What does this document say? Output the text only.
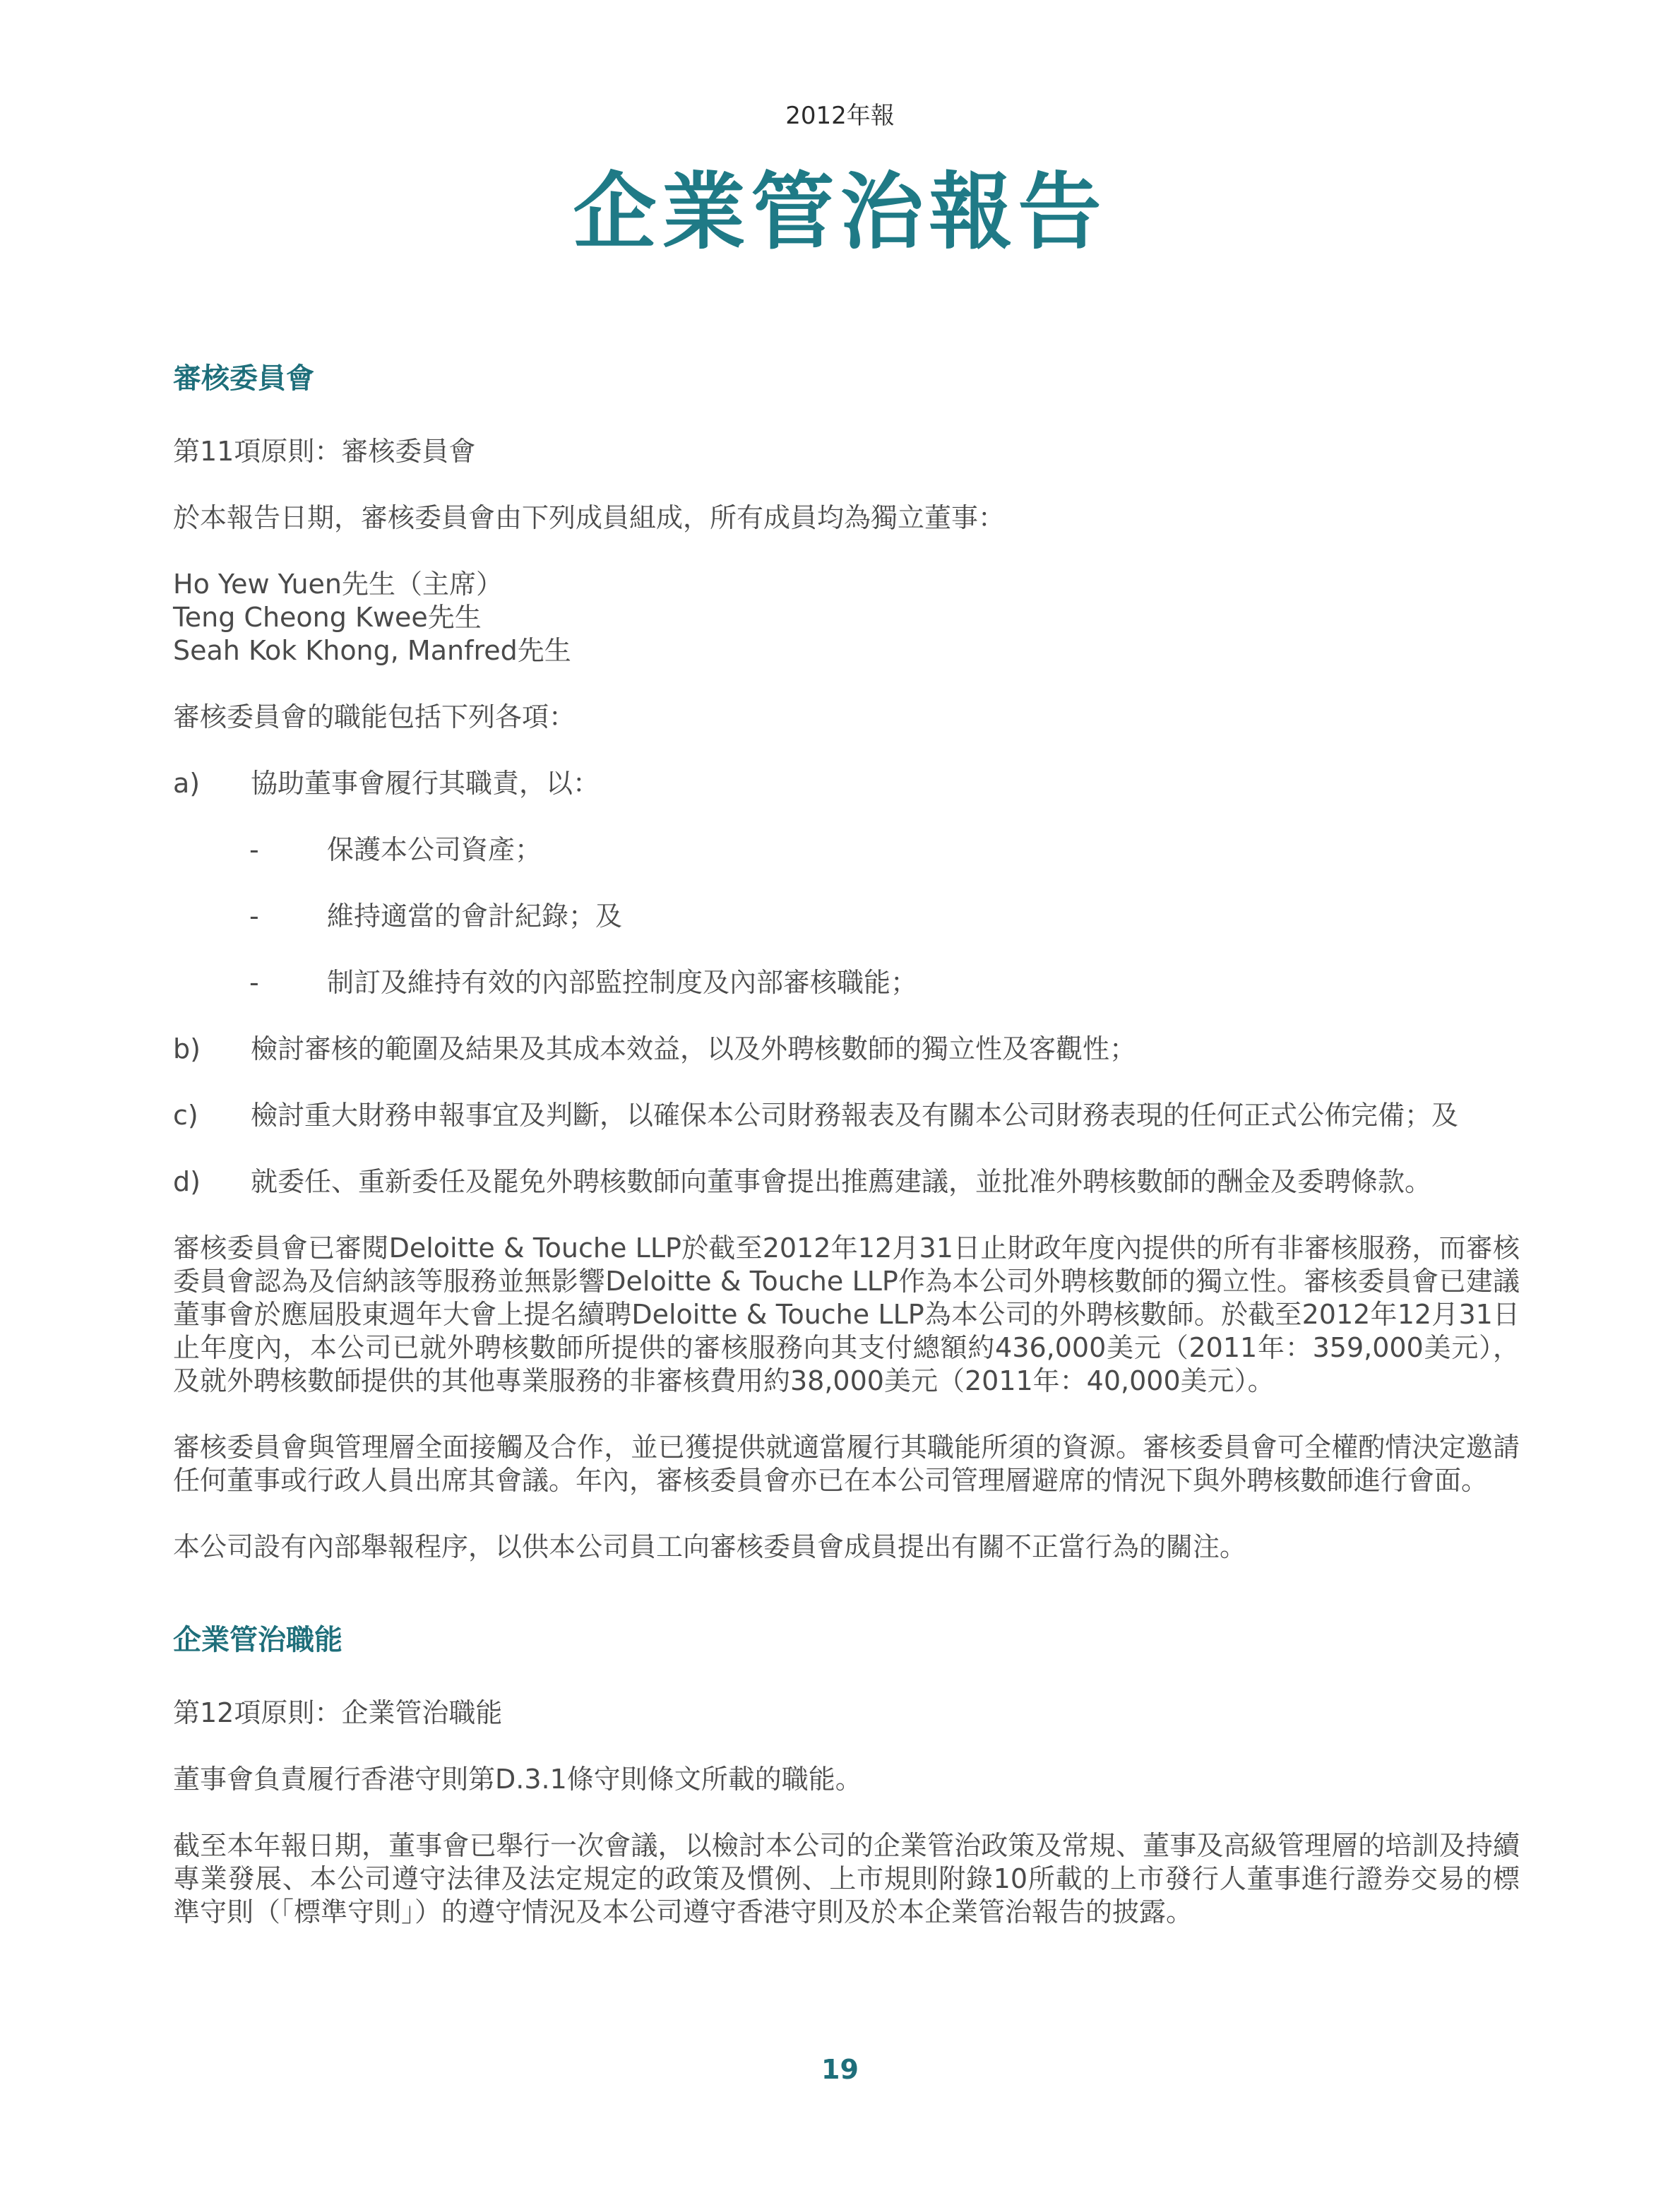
2012年報
企業管治報告
審核委員會
第11項原則：審核委員會
於本報告日期，審核委員會由下列成員組成，所有成員均為獨立董事：
Ho Yew Yuen先生（主席）
Teng Cheong Kwee先生
Seah Kok Khong, Manfred先生
審核委員會的職能包括下列各項：
a)	協助董事會履行其職責，以：
-	保護本公司資產；
-	維持適當的會計紀錄；及
-	制訂及維持有效的內部監控制度及內部審核職能；
b)	檢討審核的範圍及結果及其成本效益，以及外聘核數師的獨立性及客觀性；
c)	檢討重大財務申報事宜及判斷，以確保本公司財務報表及有關本公司財務表現的任何正式公佈完備；及
d)	就委任、重新委任及罷免外聘核數師向董事會提出推薦建議，並批准外聘核數師的酬金及委聘條款。
審核委員會已審閱Deloitte & Touche LLP於截至2012年12月31日止財政年度內提供的所有非審核服務，而審核委員會認為及信納該等服務並無影響Deloitte & Touche LLP作為本公司外聘核數師的獨立性。審核委員會已建議董事會於應屆股東週年大會上提名續聘Deloitte & Touche LLP為本公司的外聘核數師。於截至2012年12月31日止年度內，本公司已就外聘核數師所提供的審核服務向其支付總額約436,000美元（2011年：359,000美元），及就外聘核數師提供的其他專業服務的非審核費用約38,000美元（2011年：40,000美元）。
審核委員會與管理層全面接觸及合作，並已獲提供就適當履行其職能所須的資源。審核委員會可全權酌情決定邀請任何董事或行政人員出席其會議。年內，審核委員會亦已在本公司管理層避席的情況下與外聘核數師進行會面。
本公司設有內部舉報程序，以供本公司員工向審核委員會成員提出有關不正當行為的關注。
企業管治職能
第12項原則：企業管治職能
董事會負責履行香港守則第D.3.1條守則條文所載的職能。
截至本年報日期，董事會已舉行一次會議，以檢討本公司的企業管治政策及常規、董事及高級管理層的培訓及持續專業發展、本公司遵守法律及法定規定的政策及慣例、上市規則附錄10所載的上市發行人董事進行證券交易的標準守則（「標準守則」）的遵守情況及本公司遵守香港守則及於本企業管治報告的披露。
19
